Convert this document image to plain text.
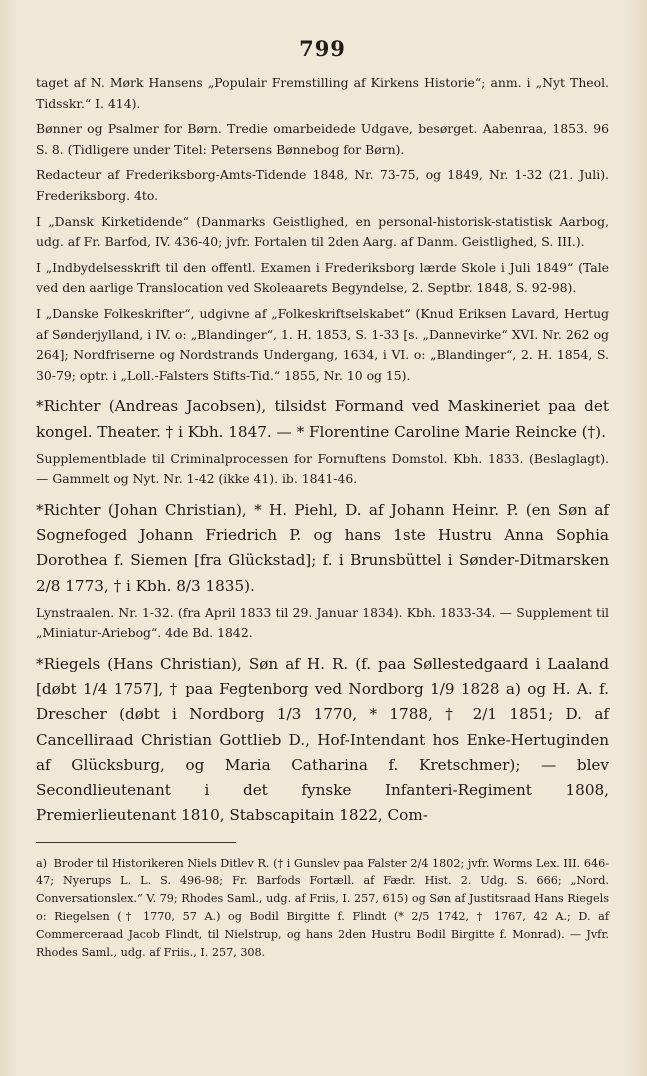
799

taget af N. Mørk Hansens „Populair Fremstilling af Kirkens Historie“; anm. i „Nyt Theol. Tidsskr.“ I. 414).

Bønner og Psalmer for Børn. Tredie omarbeidede Udgave, besørget. Aabenraa, 1853. 96 S. 8. (Tidligere under Titel: Petersens Bønnebog for Børn).

Redacteur af Frederiksborg-Amts-Tidende 1848, Nr. 73-75, og 1849, Nr. 1-32 (21. Juli). Frederiksborg. 4to.

I „Dansk Kirketidende“ (Danmarks Geistlighed, en personal-historisk-statistisk Aarbog, udg. af Fr. Barfod, IV. 436-40; jvfr. Fortalen til 2den Aarg. af Danm. Geistlighed, S. III.).

I „Indbydelsesskrift til den offentl. Examen i Frederiksborg lærde Skole i Juli 1849“ (Tale ved den aarlige Translocation ved Skoleaarets Begyndelse, 2. Septbr. 1848, S. 92-98).

I „Danske Folkeskrifter“, udgivne af „Folkeskriftselskabet“ (Knud Eriksen Lavard, Hertug af Sønderjylland, i IV. o: „Blandinger“, 1. H. 1853, S. 1-33 [s. „Dannevirke“ XVI. Nr. 262 og 264]; Nordfriserne og Nordstrands Undergang, 1634, i VI. o: „Blandinger“, 2. H. 1854, S. 30-79; optr. i „Loll.-Falsters Stifts-Tid.“ 1855, Nr. 10 og 15).

*Richter (Andreas Jacobsen), tilsidst Formand ved Maskineriet paa det kongel. Theater. † i Kbh. 1847. — * Florentine Caroline Marie Reincke (†).

Supplementblade til Criminalprocessen for Fornuftens Domstol. Kbh. 1833. (Beslaglagt). — Gammelt og Nyt. Nr. 1-42 (ikke 41). ib. 1841-46.

*Richter (Johan Christian), * H. Piehl, D. af Johann Heinr. P. (en Søn af Sognefoged Johann Friedrich P. og hans 1ste Hustru Anna Sophia Dorothea f. Siemen [fra Glückstad]; f. i Brunsbüttel i Sønder-Ditmarsken 2/8 1773, † i Kbh. 8/3 1835).

Lynstraalen. Nr. 1-32. (fra April 1833 til 29. Januar 1834). Kbh. 1833-34. — Supplement til „Miniatur-Ariebog“. 4de Bd. 1842.

*Riegels (Hans Christian), Søn af H. R. (f. paa Søllestedgaard i Laaland [døbt 1/4 1757], † paa Fegtenborg ved Nordborg 1/9 1828 a) og H. A. f. Drescher (døbt i Nordborg 1/3 1770, * 1788, † 2/1 1851; D. af Cancelliraad Christian Gottlieb D., Hof-Intendant hos Enke-Hertuginden af Glücksburg, og Maria Catharina f. Kretschmer); — blev Secondlieutenant i det fynske Infanteri-Regiment 1808, Premierlieutenant 1810, Stabscapitain 1822, Com-

a) Broder til Historikeren Niels Ditlev R. († i Gunslev paa Falster 2/4 1802; jvfr. Worms Lex. III. 646-47; Nyerups L. L. S. 496-98; Fr. Barfods Fortæll. af Fædr. Hist. 2. Udg. S. 666; „Nord. Conversationslex.“ V. 79; Rhodes Saml., udg. af Friis, I. 257, 615) og Søn af Justitsraad Hans Riegels o: Riegelsen († 1770, 57 A.) og Bodil Birgitte f. Flindt (* 2/5 1742, † 1767, 42 A.; D. af Commerceraad Jacob Flindt, til Nielstrup, og hans 2den Hustru Bodil Birgitte f. Monrad). — Jvfr. Rhodes Saml., udg. af Friis., I. 257, 308.
